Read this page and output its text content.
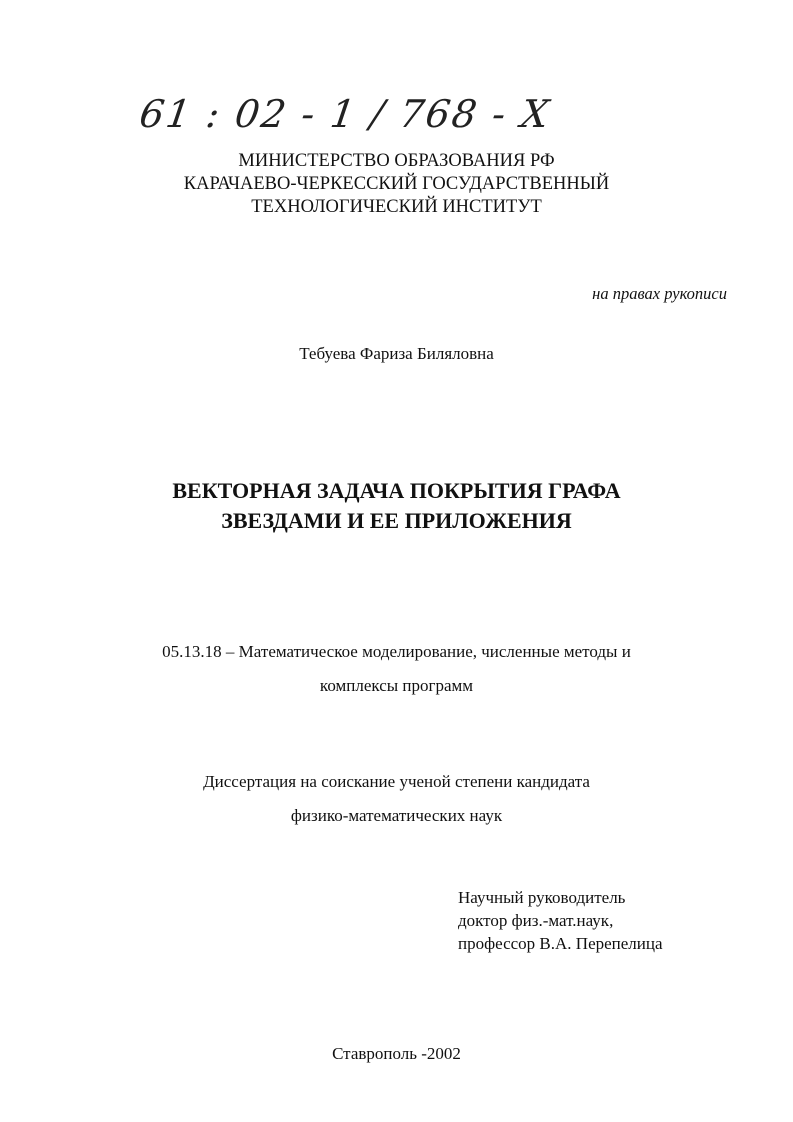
61 : 02 - 1 / 768 - X
МИНИСТЕРСТВО ОБРАЗОВАНИЯ РФ
КАРАЧАЕВО-ЧЕРКЕССКИЙ ГОСУДАРСТВЕННЫЙ
ТЕХНОЛОГИЧЕСКИЙ ИНСТИТУТ
на правах рукописи
Тебуева Фариза Биляловна
ВЕКТОРНАЯ ЗАДАЧА ПОКРЫТИЯ ГРАФА
ЗВЕЗДАМИ И ЕЕ ПРИЛОЖЕНИЯ
05.13.18 – Математическое моделирование, численные методы и
комплексы программ
Диссертация на соискание ученой степени кандидата
физико-математических наук
Научный руководитель
доктор физ.-мат.наук,
профессор В.А. Перепелица
Ставрополь -2002
